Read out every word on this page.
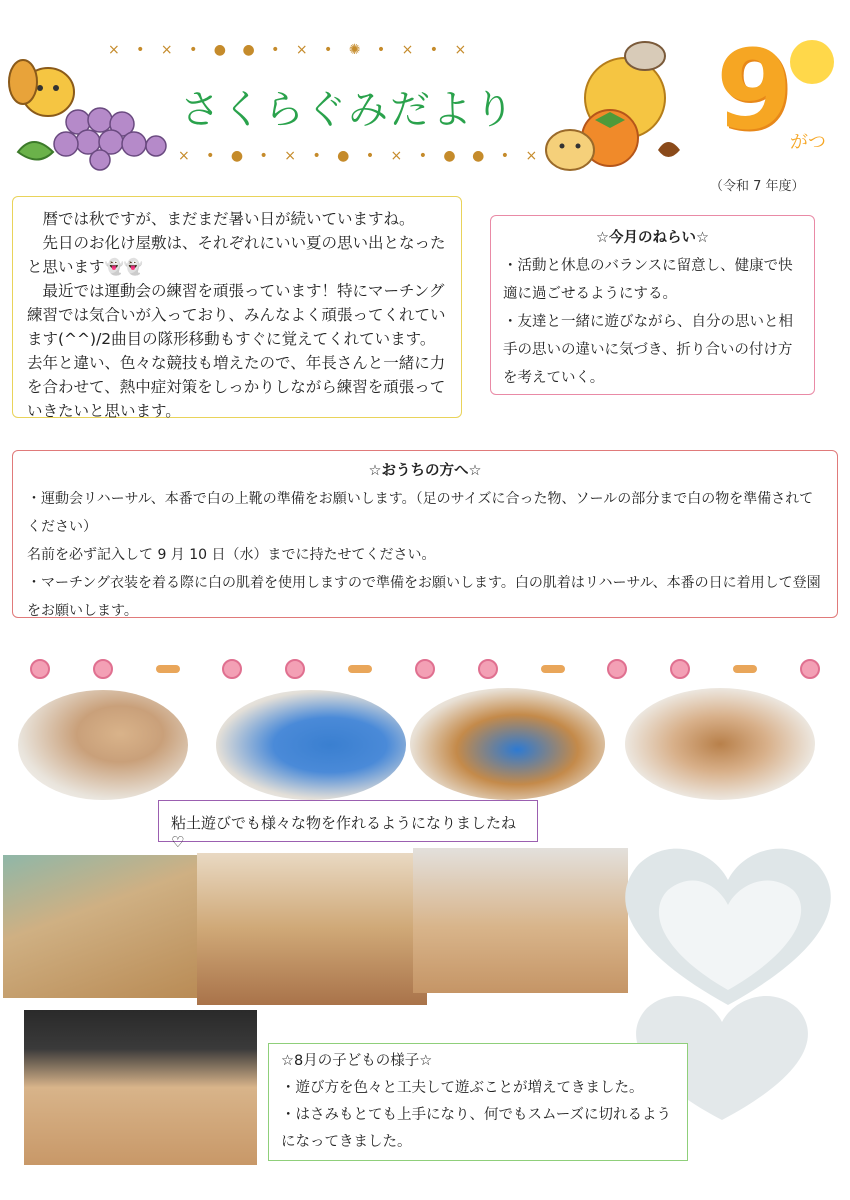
× • × • ● ● • × • ✺ • × • ×
× • ● • × • ● • × • ● ● • ×
9
がつ
さくらぐみだより
（令和 7 年度）

暦では秋ですが、まだまだ暑い日が続いていますね。

先日のお化け屋敷は、それぞれにいい夏の思い出となったと思います👻👻

最近では運動会の練習を頑張っています！特にマーチング練習では気合いが入っており、みんなよく頑張ってくれています(^^)/2曲目の隊形移動もすぐに覚えてくれています。去年と違い、色々な競技も増えたので、年長さんと一緒に力を合わせて、熱中症対策をしっかりしながら練習を頑張っていきたいと思います。

☆今月のねらい☆

・活動と休息のバランスに留意し、健康で快適に過ごせるようにする。

・友達と一緒に遊びながら、自分の思いと相手の思いの違いに気づき、折り合いの付け方を考えていく。

☆おうちの方へ☆

・運動会リハーサル、本番で白の上靴の準備をお願いします。（足のサイズに合った物、ソールの部分まで白の物を準備されてください）

名前を必ず記入して 9 月 10 日（水）までに持たせてください。

・マーチング衣装を着る際に白の肌着を使用しますので準備をお願いします。白の肌着はリハーサル、本番の日に着用して登園をお願いします。

粘土遊びでも様々な物を作れるようになりましたね♡

☆8月の子どもの様子☆

・遊び方を色々と工夫して遊ぶことが増えてきました。

・はさみもとても上手になり、何でもスムーズに切れるようになってきました。
